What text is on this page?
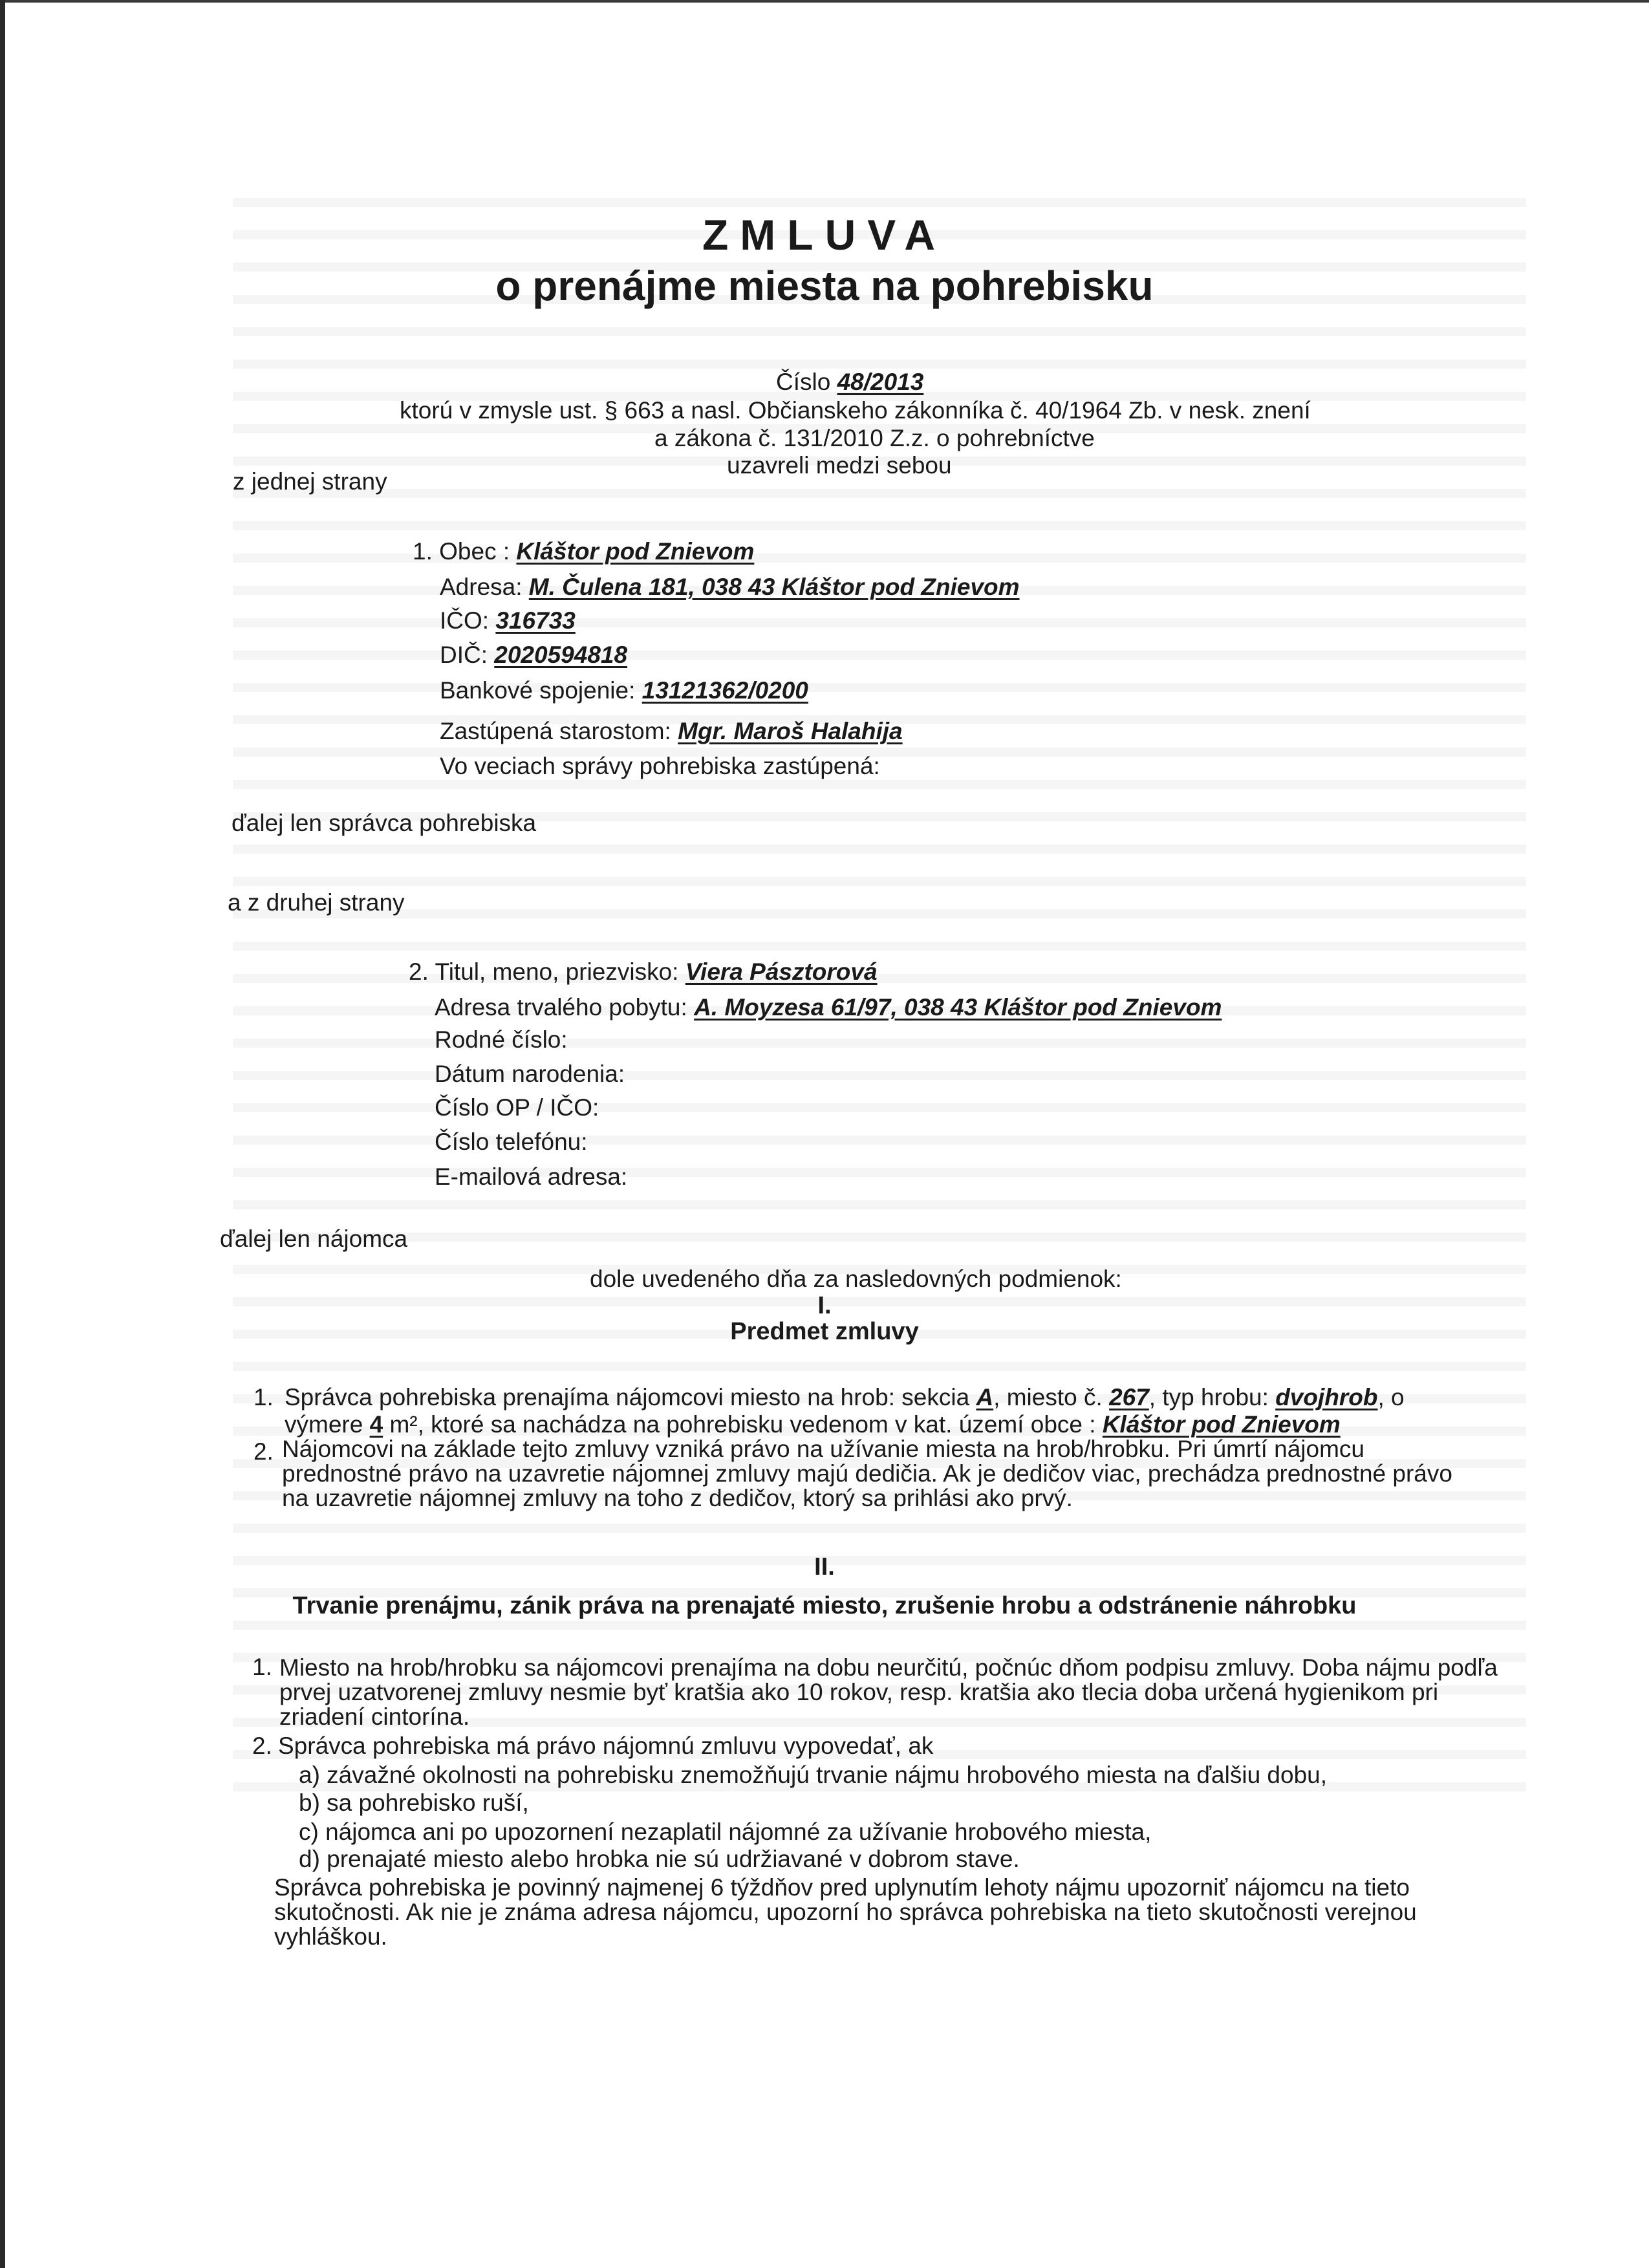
ZMLUVA
o prenájme miesta na pohrebisku
Číslo 48/2013
ktorú v zmysle ust. § 663 a nasl. Občianskeho zákonníka č. 40/1964 Zb. v nesk. znení
a zákona č. 131/2010 Z.z. o pohrebníctve
uzavreli medzi sebou
z jednej strany
1. Obec : Kláštor pod Znievom
Adresa: M. Čulena 181, 038 43 Kláštor pod Znievom
IČO: 316733
DIČ: 2020594818
Bankové spojenie: 13121362/0200
Zastúpená starostom: Mgr. Maroš Halahija
Vo veciach správy pohrebiska zastúpená:
ďalej len správca pohrebiska
a z druhej strany
2. Titul, meno, priezvisko: Viera Pásztorová
Adresa trvalého pobytu: A. Moyzesa 61/97, 038 43 Kláštor pod Znievom
Rodné číslo:
Dátum narodenia:
Číslo OP / IČO:
Číslo telefónu:
E-mailová adresa:
ďalej len nájomca
dole uvedeného dňa za nasledovných podmienok:
I.
Predmet zmluvy
1. Správca pohrebiska prenajíma nájomcovi miesto na hrob: sekcia A, miesto č. 267, typ hrobu: dvojhrob, o
výmere 4 m², ktoré sa nachádza na pohrebisku vedenom v kat. území obce : Kláštor pod Znievom
2. Nájomcovi na základe tejto zmluvy vzniká právo na užívanie miesta na hrob/hrobku. Pri úmrtí nájomcu prednostné právo na uzavretie nájomnej zmluvy majú dedičia. Ak je dedičov viac, prechádza prednostné právo na uzavretie nájomnej zmluvy na toho z dedičov, ktorý sa prihlási ako prvý.
II.
Trvanie prenájmu, zánik práva na prenajaté miesto, zrušenie hrobu a odstránenie náhrobku
1. Miesto na hrob/hrobku sa nájomcovi prenajíma na dobu neurčitú, počnúc dňom podpisu zmluvy. Doba nájmu podľa prvej uzatvorenej zmluvy nesmie byť kratšia ako 10 rokov, resp. kratšia ako tlecia doba určená hygienikom pri zriadení cintorína.
2. Správca pohrebiska má právo nájomnú zmluvu vypovedať, ak
a) závažné okolnosti na pohrebisku znemožňujú trvanie nájmu hrobového miesta na ďalšiu dobu,
b) sa pohrebisko ruší,
c) nájomca ani po upozornení nezaplatil nájomné za užívanie hrobového miesta,
d) prenajaté miesto alebo hrobka nie sú udržiavané v dobrom stave.
Správca pohrebiska je povinný najmenej 6 týždňov pred uplynutím lehoty nájmu upozorniť nájomcu na tieto skutočnosti. Ak nie je známa adresa nájomcu, upozorní ho správca pohrebiska na tieto skutočnosti verejnou vyhláškou.
